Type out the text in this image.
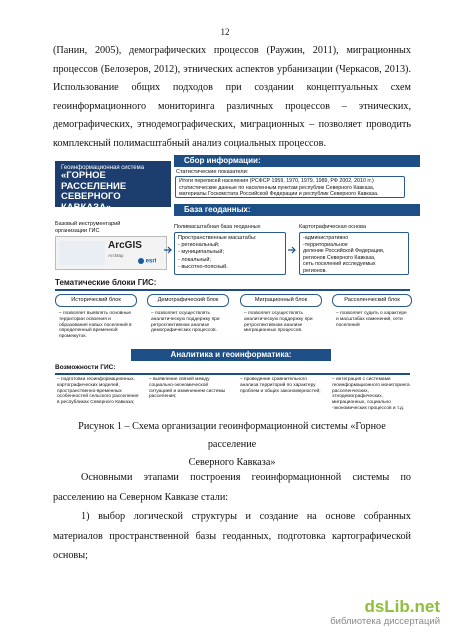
12
(Панин, 2005), демографических процессов (Раужин, 2011), миграционных
процессов (Белозеров, 2012), этнических аспектов урбанизации (Черкасов, 2013).
Использование общих подходов при создании концептуальных схем
геоинформационного мониторинга различных процессов – этнических,
демографических, этнодемографических, миграционных – позволяет проводить
комплексный полимасштабный анализ социальных процессов.
Геоинформационная система
«ГОРНОЕ РАССЕЛЕНИЕ
СЕВЕРНОГО КАВКАЗА»
Сбор информации:
Статистические показатели:
Итоги переписей населения (РСФСР 1959, 1970, 1979, 1989, РФ 2002, 2010 гг.) статистические данные по населенным пунктам республик Северного Кавказа, материалы Госкомстата Российской Федерации и республик Северного Кавказа.
База геоданных:
Базовый инструментарий организации ГИС
ArcGIS
ArcMap
esri
Полимасштабная база геоданных
Пространственные масштабы:
- региональный;
- муниципальный;
- локальный;
- высотно-поясный.
Картографическая основа
-административно
-территориальное
деление Российской Федерации,
регионов Северного Кавказа,
сеть поселений исследуемых
регионов.
Тематические блоки ГИС:
Исторический блок	Демографический блок	Миграционный блок	Расселенческий блок
– позволяет выявлять основные территории освоения и образования новых поселений в определенный временной промежуток.
– позволяет осуществлять аналитическую поддержку при ретроспективном анализе демографических процессов.
– позволяет осуществлять аналитическую поддержку при ретроспективном анализе миграционных процессов.
– позволяет судить о характере и масштабах изменений, сети поселений
Аналитика и геоинформатика:
Возможности ГИС:
– подготовка геоинформационных, картографических моделей, пространственно-временных особенностей сельского расселения в республиках Северного Кавказа;
– выявление связей между социально-экономической ситуацией и изменением системы расселения;
– проведение сравнительного анализа территорий по характеру проблем и общих закономерностей;
– интеграция с системами геоинформационного мониторинга расселенческих, этнодемографических, миграционных, социально -экономических процессов и т.д.
Рисунок 1 – Схема организации геоинформационной системы «Горное расселение
Северного Кавказа»
Основными этапами построения геоинформационной системы по
расселению на Северном Кавказе стали:
1) выбор логической структуры и создание на основе собранных
материалов пространственной базы геоданных, подготовка картографической
основы;
dsLib.net
библиотека диссертаций
